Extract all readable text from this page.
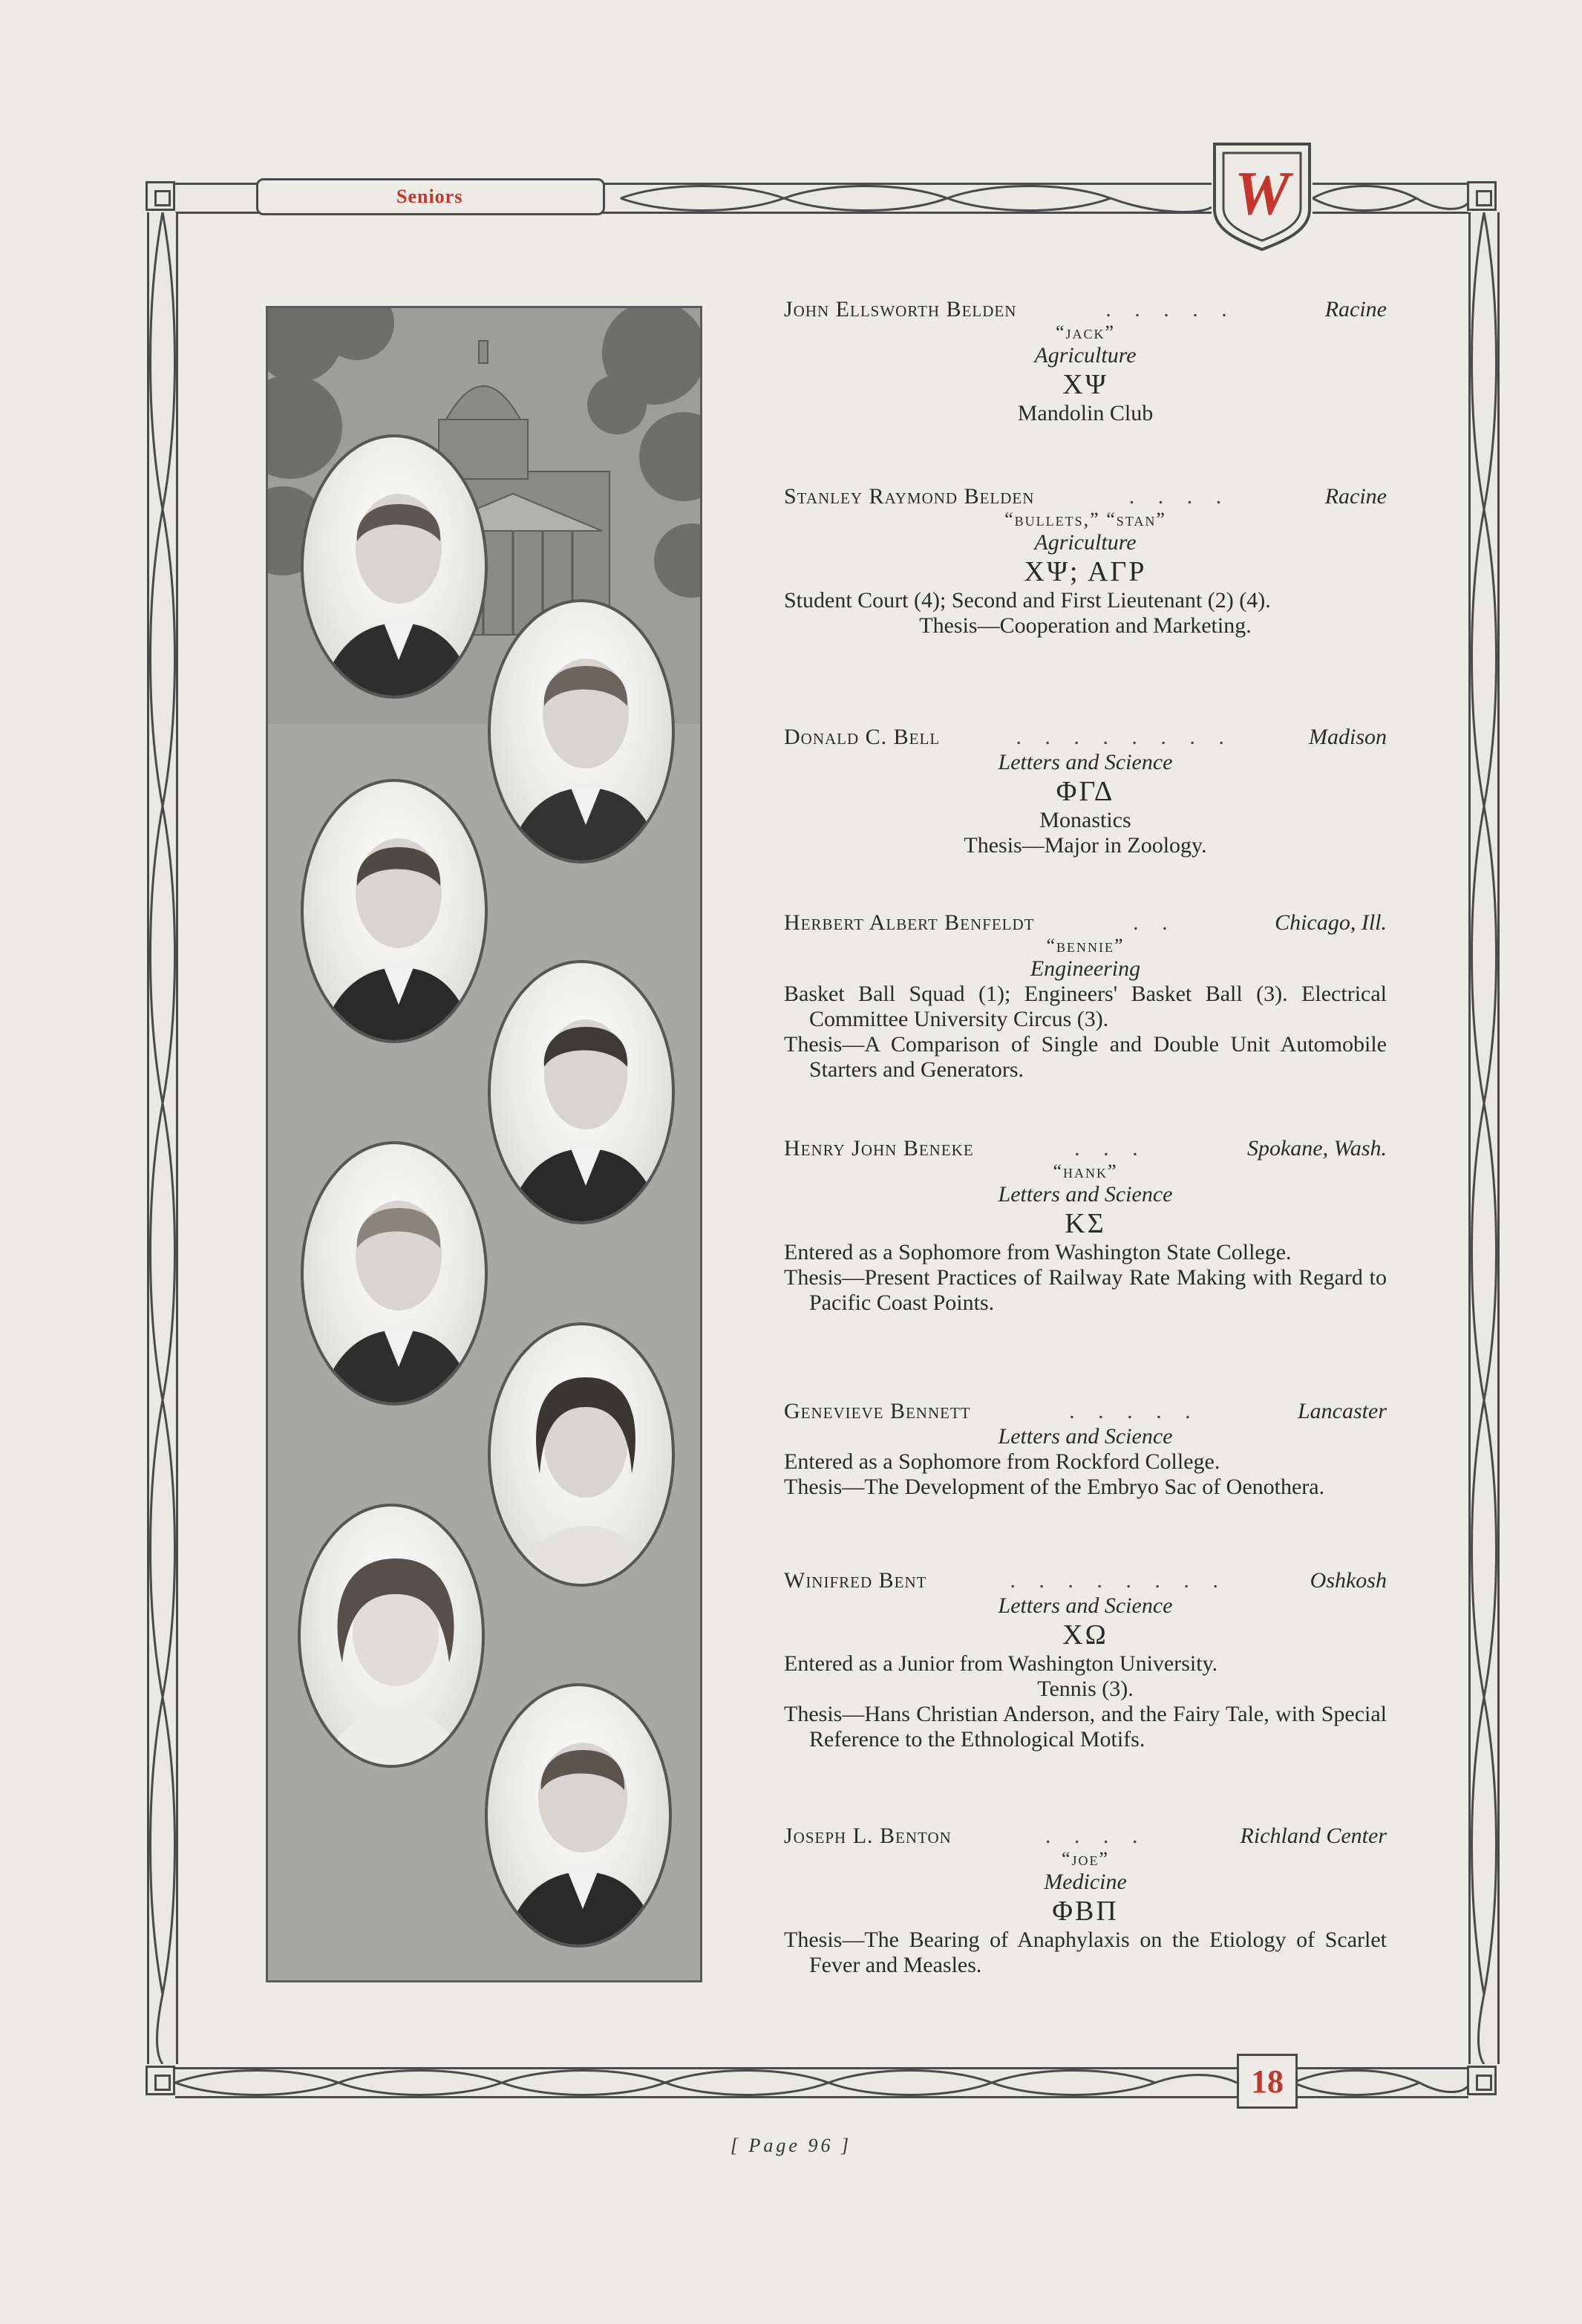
Seniors	W
18
John Ellsworth Belden	. . . . .	Racine
“jack”
Agriculture
ΧΨ
Mandolin Club
Stanley Raymond Belden	. . . .	Racine
“bullets,” “stan”
Agriculture
ΧΨ; ΑΓΡ
Student Court (4); Second and First Lieutenant (2) (4).
Thesis—Cooperation and Marketing.
Donald C. Bell	. . . . . . . .	Madison
Letters and Science
ΦΓΔ
Monastics
Thesis—Major in Zoology.
Herbert Albert Benfeldt	. .	Chicago, Ill.
“bennie”
Engineering
Basket Ball Squad (1); Engineers' Basket Ball (3). Electrical Committee University Circus (3).
Thesis—A Comparison of Single and Double Unit Automobile Starters and Generators.
Henry John Beneke	. . .	Spokane, Wash.
“hank”
Letters and Science
ΚΣ
Entered as a Sophomore from Washington State College.
Thesis—Present Practices of Railway Rate Making with Regard to Pacific Coast Points.
Genevieve Bennett	. . . . .	Lancaster
Letters and Science
Entered as a Sophomore from Rockford College.
Thesis—The Development of the Embryo Sac of Oenothera.
Winifred Bent	. . . . . . . .	Oshkosh
Letters and Science
ΧΩ
Entered as a Junior from Washington University.
Tennis (3).
Thesis—Hans Christian Anderson, and the Fairy Tale, with Special Reference to the Ethnological Motifs.
Joseph L. Benton	. . . .	Richland Center
“joe”
Medicine
ΦΒΠ
Thesis—The Bearing of Anaphylaxis on the Etiology of Scarlet Fever and Measles.
[ Page 96 ]
